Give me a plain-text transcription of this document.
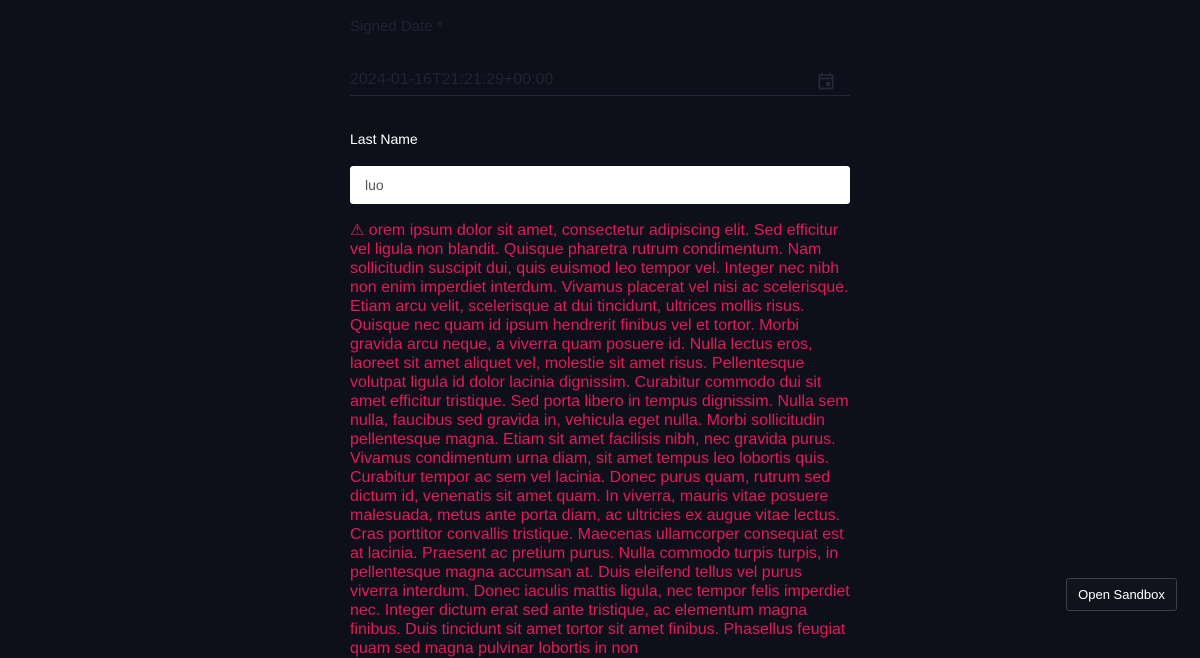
Signed Date *
2024-01-16T21:21:29+00:00
Last Name
luo

⚠ orem ipsum dolor sit amet, consectetur adipiscing elit. Sed efficitur vel ligula non blandit. Quisque pharetra rutrum condimentum. Nam sollicitudin suscipit dui, quis euismod leo tempor vel. Integer nec nibh non enim imperdiet interdum. Vivamus placerat vel nisi ac scelerisque. Etiam arcu velit, scelerisque at dui tincidunt, ultrices mollis risus. Quisque nec quam id ipsum hendrerit finibus vel et tortor. Morbi gravida arcu neque, a viverra quam posuere id. Nulla lectus eros, laoreet sit amet aliquet vel, molestie sit amet risus. Pellentesque volutpat ligula id dolor lacinia dignissim. Curabitur commodo dui sit amet efficitur tristique. Sed porta libero in tempus dignissim. Nulla sem nulla, faucibus sed gravida in, vehicula eget nulla. Morbi sollicitudin pellentesque magna. Etiam sit amet facilisis nibh, nec gravida purus. Vivamus condimentum urna diam, sit amet tempus leo lobortis quis. Curabitur tempor ac sem vel lacinia. Donec purus quam, rutrum sed dictum id, venenatis sit amet quam. In viverra, mauris vitae posuere malesuada, metus ante porta diam, ac ultricies ex augue vitae lectus. Cras porttitor convallis tristique. Maecenas ullamcorper consequat est at lacinia. Praesent ac pretium purus. Nulla commodo turpis turpis, in pellentesque magna accumsan at. Duis eleifend tellus vel purus viverra interdum. Donec iaculis mattis ligula, nec tempor felis imperdiet nec. Integer dictum erat sed ante tristique, ac elementum magna finibus. Duis tincidunt sit amet tortor sit amet finibus. Phasellus feugiat quam sed magna pulvinar lobortis in non

Open Sandbox
